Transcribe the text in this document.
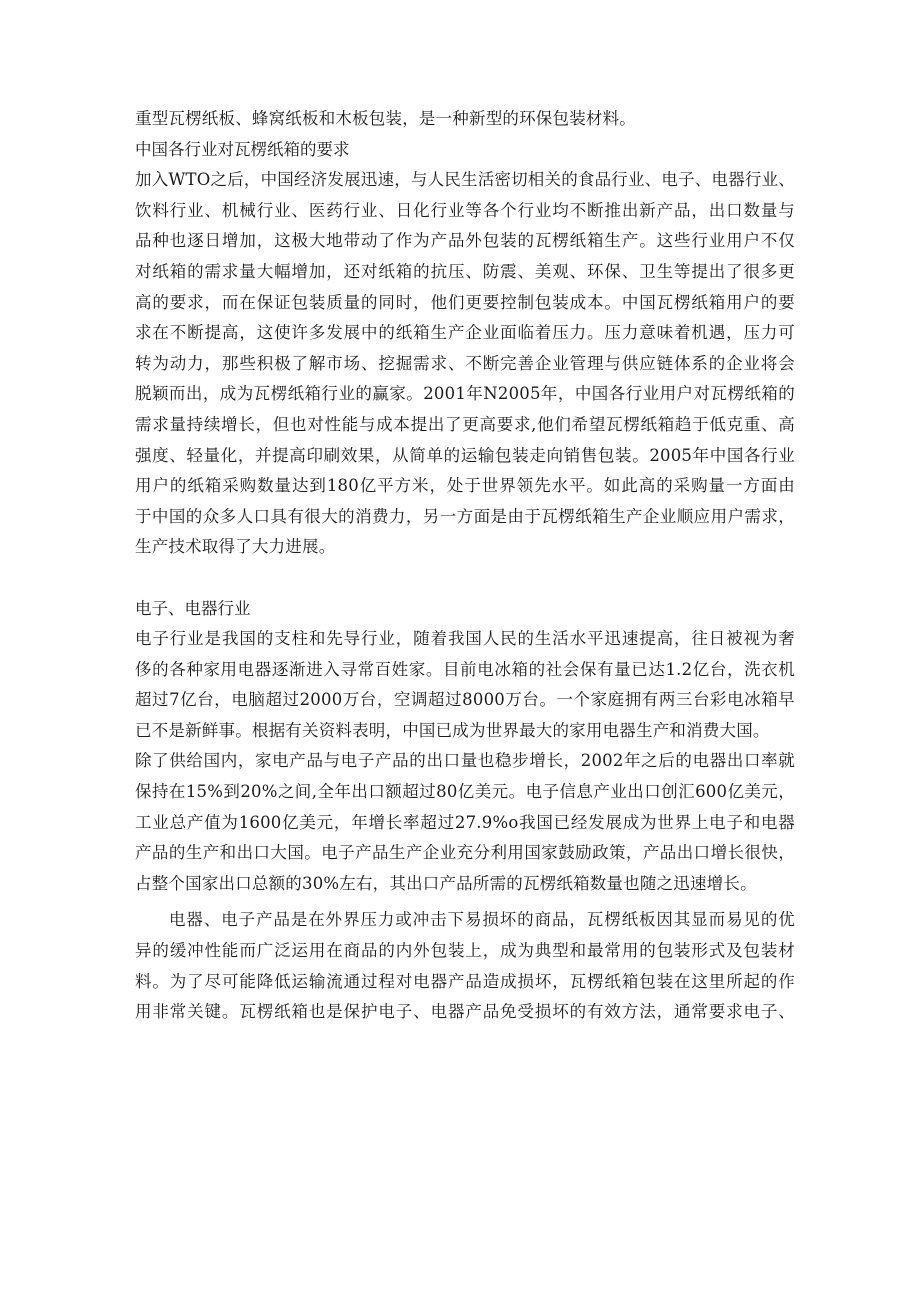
重型瓦楞纸板、蜂窝纸板和木板包装，是一种新型的环保包装材料。
中国各行业对瓦楞纸箱的要求
加入WTO之后，中国经济发展迅速，与人民生活密切相关的食品行业、电子、电器行业、
饮料行业、机械行业、医药行业、日化行业等各个行业均不断推出新产品，出口数量与
品种也逐日增加，这极大地带动了作为产品外包装的瓦楞纸箱生产。这些行业用户不仅
对纸箱的需求量大幅增加，还对纸箱的抗压、防震、美观、环保、卫生等提出了很多更
高的要求，而在保证包装质量的同时，他们更要控制包装成本。中国瓦楞纸箱用户的要
求在不断提高，这使许多发展中的纸箱生产企业面临着压力。压力意味着机遇，压力可
转为动力，那些积极了解市场、挖掘需求、不断完善企业管理与供应链体系的企业将会
脱颖而出，成为瓦楞纸箱行业的赢家。2001年N2005年，中国各行业用户对瓦楞纸箱的
需求量持续增长，但也对性能与成本提出了更高要求,他们希望瓦楞纸箱趋于低克重、高
强度、轻量化，并提高印刷效果，从简单的运输包装走向销售包装。2005年中国各行业
用户的纸箱采购数量达到180亿平方米，处于世界领先水平。如此高的采购量一方面由
于中国的众多人口具有很大的消费力，另一方面是由于瓦楞纸箱生产企业顺应用户需求，
生产技术取得了大力进展。
电子、电器行业
电子行业是我国的支柱和先导行业，随着我国人民的生活水平迅速提高，往日被视为奢
侈的各种家用电器逐渐进入寻常百姓家。目前电冰箱的社会保有量已达1.2亿台，洗衣机
超过7亿台，电脑超过2000万台，空调超过8000万台。一个家庭拥有两三台彩电冰箱早
已不是新鲜事。根据有关资料表明，中国已成为世界最大的家用电器生产和消费大国。
除了供给国内，家电产品与电子产品的出口量也稳步增长，2002年之后的电器出口率就
保持在15%到20%之间,全年出口额超过80亿美元。电子信息产业出口创汇600亿美元，
工业总产值为1600亿美元，年增长率超过27.9%o我国已经发展成为世界上电子和电器
产品的生产和出口大国。电子产品生产企业充分利用国家鼓励政策，产品出口增长很快，
占整个国家出口总额的30%左右，其出口产品所需的瓦楞纸箱数量也随之迅速增长。
电器、电子产品是在外界压力或冲击下易损坏的商品，瓦楞纸板因其显而易见的优
异的缓冲性能而广泛运用在商品的内外包装上，成为典型和最常用的包装形式及包装材
料。为了尽可能降低运输流通过程对电器产品造成损坏，瓦楞纸箱包装在这里所起的作
用非常关键。瓦楞纸箱也是保护电子、电器产品免受损坏的有效方法，通常要求电子、
